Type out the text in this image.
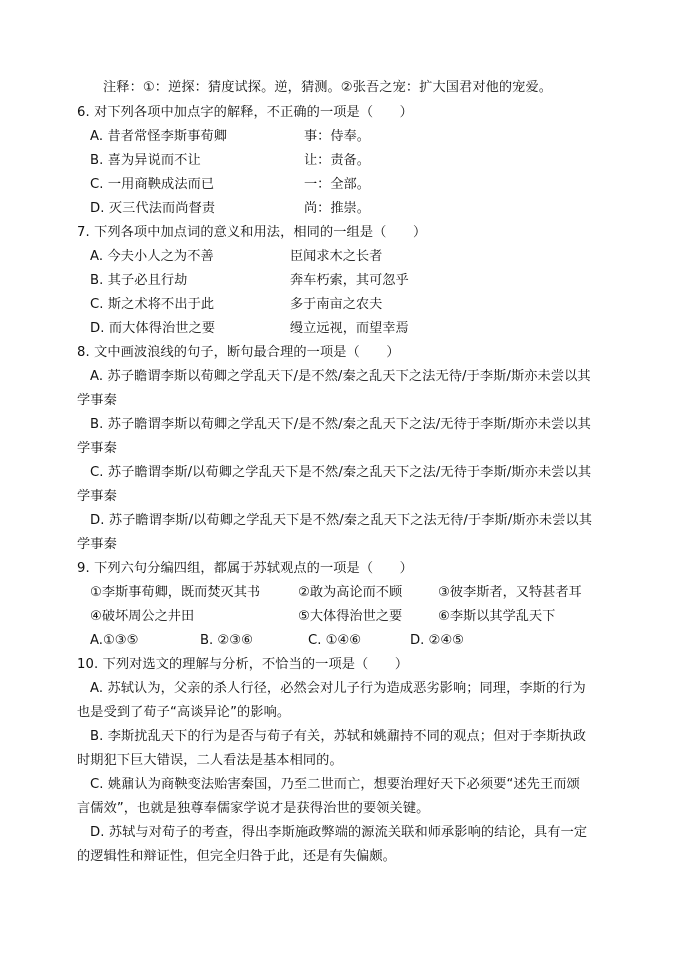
注释：①：逆探：猜度试探。逆，猜测。②张吾之宠：扩大国君对他的宠爱。
6. 对下列各项中加点字的解释，不正确的一项是（　　）
A. 昔者常怪李斯事荀卿	事：侍奉。
B. 喜为异说而不让	让：责备。
C. 一用商鞅成法而已	一：全部。
D. 灭三代法而尚督责	尚：推崇。
7. 下列各项中加点词的意义和用法，相同的一组是（　　）
A. 今夫小人之为不善	臣闻求木之长者
B. 其子必且行劫	奔车朽索，其可忽乎
C. 斯之术将不出于此	多于南亩之农夫
D. 而大体得治世之要	缦立远视，而望幸焉
8. 文中画波浪线的句子，断句最合理的一项是（　　）
A. 苏子瞻谓李斯以荀卿之学乱天下/是不然/秦之乱天下之法无待/于李斯/斯亦未尝以其
学事秦
B. 苏子瞻谓李斯以荀卿之学乱天下/是不然/秦之乱天下之法/无待于李斯/斯亦未尝以其
学事秦
C. 苏子瞻谓李斯/以荀卿之学乱天下是不然/秦之乱天下之法/无待于李斯/斯亦未尝以其
学事秦
D. 苏子瞻谓李斯/以荀卿之学乱天下是不然/秦之乱天下之法无待/于李斯/斯亦未尝以其
学事秦
9. 下列六句分编四组，都属于苏轼观点的一项是（　　）
①李斯事荀卿，既而焚灭其书	②敢为高论而不顾	③彼李斯者，又特甚者耳
④破坏周公之井田	⑤大体得治世之要	⑥李斯以其学乱天下
A.①③⑤	B. ②③⑥	C. ①④⑥	D. ②④⑤
10. 下列对选文的理解与分析，不恰当的一项是（　　）
A. 苏轼认为，父亲的杀人行径，必然会对儿子行为造成恶劣影响；同理，李斯的行为
也是受到了荀子“高谈异论”的影响。
B. 李斯扰乱天下的行为是否与荀子有关，苏轼和姚鼐持不同的观点；但对于李斯执政
时期犯下巨大错误，二人看法是基本相同的。
C. 姚鼐认为商鞅变法贻害秦国，乃至二世而亡，想要治理好天下必须要“述先王而颂
言儒效”，也就是独尊奉儒家学说才是获得治世的要领关键。
D. 苏轼与对荀子的考查，得出李斯施政弊端的源流关联和师承影响的结论，具有一定
的逻辑性和辩证性，但完全归咎于此，还是有失偏颇。
